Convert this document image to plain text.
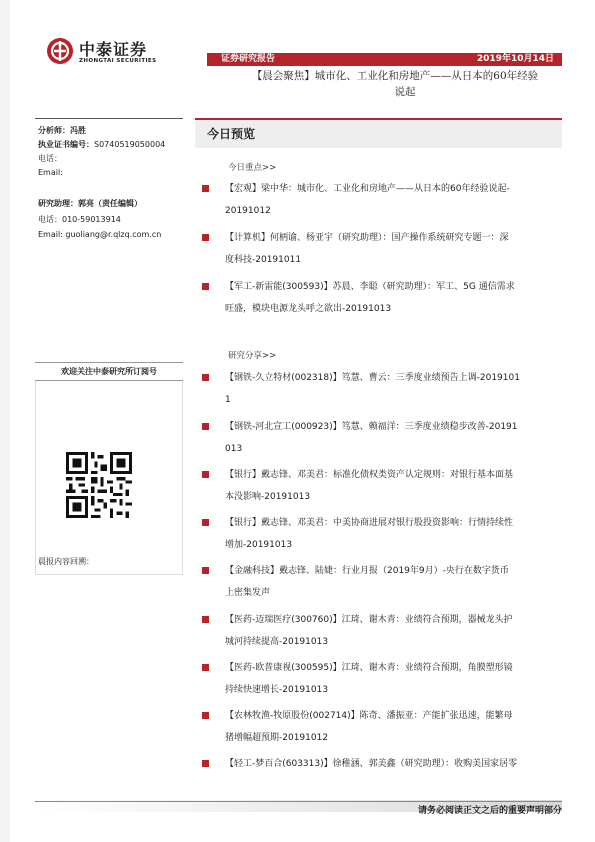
中泰证券
ZHONGTAI SECURITIES	证券研究报告	2019年10月14日
【晨会聚焦】城市化、工业化和房地产——从日本的60年经验
说起
分析师：冯胜
执业证书编号：S0740519050004
电话：
Email:
研究助理：郭亮（责任编辑）
电话：010-59013914
Email: guoliang@r.qlzq.com.cn
欢迎关注中泰研究所订阅号
晨报内容回溯：
今日预览
今日重点>>
【宏观】梁中华：城市化、工业化和房地产——从日本的60年经验说起-
20191012
【计算机】何柄谕、杨亚宇（研究助理）：国产操作系统研究专题一：深
度科技-20191011
【军工-新雷能(300593)】苏晨、李聪（研究助理）：军工、5G 通信需求
旺盛，模块电源龙头呼之欲出-20191013
研究分享>>
【钢铁-久立特材(002318)】笃慧、曹云：三季度业绩预告上调-2019101
1
【钢铁-河北宣工(000923)】笃慧、赖福洋：三季度业绩稳步改善-20191
013
【银行】戴志锋、邓美君：标准化债权类资产认定规则：对银行基本面基
本没影响-20191013
【银行】戴志锋、邓美君：中美协商进展对银行股投资影响：行情持续性
增加-20191013
【金融科技】戴志锋、陆婕：行业月报（2019年9月）-央行在数字货币
上密集发声
【医药-迈瑞医疗(300760)】江琦、谢木青：业绩符合预期，器械龙头护
城河持续提高-20191013
【医药-欧普康视(300595)】江琦、谢木青：业绩符合预期，角膜塑形镜
持续快速增长-20191013
【农林牧渔-牧原股份(002714)】陈奇、潘振亚：产能扩张迅速，能繁母
猪增幅超预期-20191012
【轻工-梦百合(603313)】徐稚涵、郭美鑫（研究助理）：收购美国家居零
请务必阅读正文之后的重要声明部分
